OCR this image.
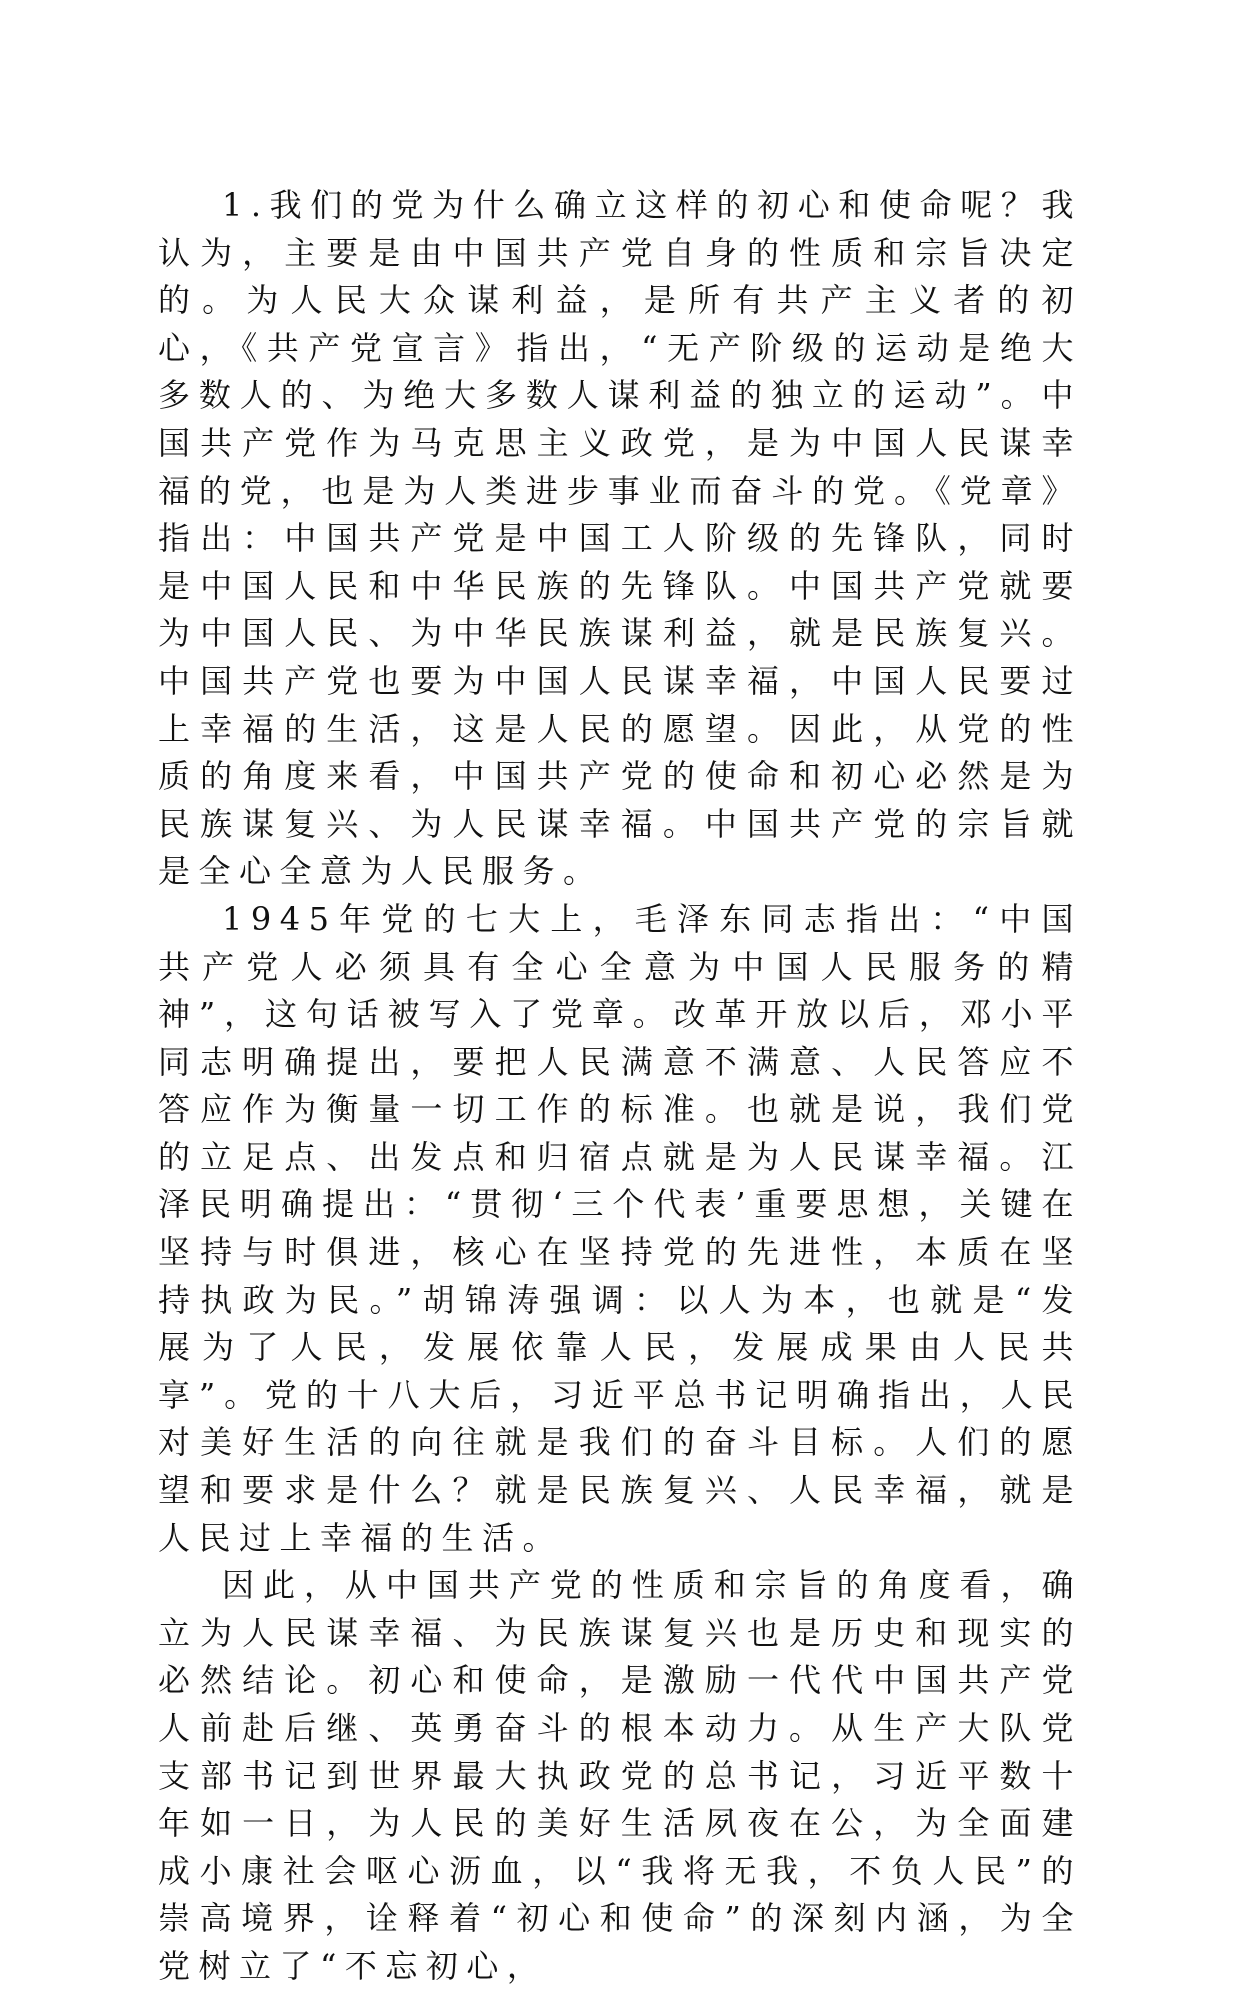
1.我们的党为什么确立这样的初心和使命呢？我认为，主要是由中国共产党自身的性质和宗旨决定的。为人民大众谋利益，是所有共产主义者的初心，《共产党宣言》指出，“无产阶级的运动是绝大多数人的、为绝大多数人谋利益的独立的运动”。中国共产党作为马克思主义政党，是为中国人民谋幸福的党，也是为人类进步事业而奋斗的党。《党章》指出：中国共产党是中国工人阶级的先锋队，同时是中国人民和中华民族的先锋队。中国共产党就要为中国人民、为中华民族谋利益，就是民族复兴。中国共产党也要为中国人民谋幸福，中国人民要过上幸福的生活，这是人民的愿望。因此，从党的性质的角度来看，中国共产党的使命和初心必然是为民族谋复兴、为人民谋幸福。中国共产党的宗旨就是全心全意为人民服务。

1945年党的七大上，毛泽东同志指出：“中国共产党人必须具有全心全意为中国人民服务的精神”，这句话被写入了党章。改革开放以后，邓小平同志明确提出，要把人民满意不满意、人民答应不答应作为衡量一切工作的标准。也就是说，我们党的立足点、出发点和归宿点就是为人民谋幸福。江泽民明确提出：“贯彻‘三个代表’重要思想，关键在坚持与时俱进，核心在坚持党的先进性，本质在坚持执政为民。”胡锦涛强调：以人为本，也就是“发展为了人民，发展依靠人民，发展成果由人民共享”。党的十八大后，习近平总书记明确指出，人民对美好生活的向往就是我们的奋斗目标。人们的愿望和要求是什么？就是民族复兴、人民幸福，就是人民过上幸福的生活。

因此，从中国共产党的性质和宗旨的角度看，确立为人民谋幸福、为民族谋复兴也是历史和现实的必然结论。初心和使命，是激励一代代中国共产党人前赴后继、英勇奋斗的根本动力。从生产大队党支部书记到世界最大执政党的总书记，习近平数十年如一日，为人民的美好生活夙夜在公，为全面建成小康社会呕心沥血，以“我将无我，不负人民”的崇高境界，诠释着“初心和使命”的深刻内涵，为全党树立了“不忘初心，
